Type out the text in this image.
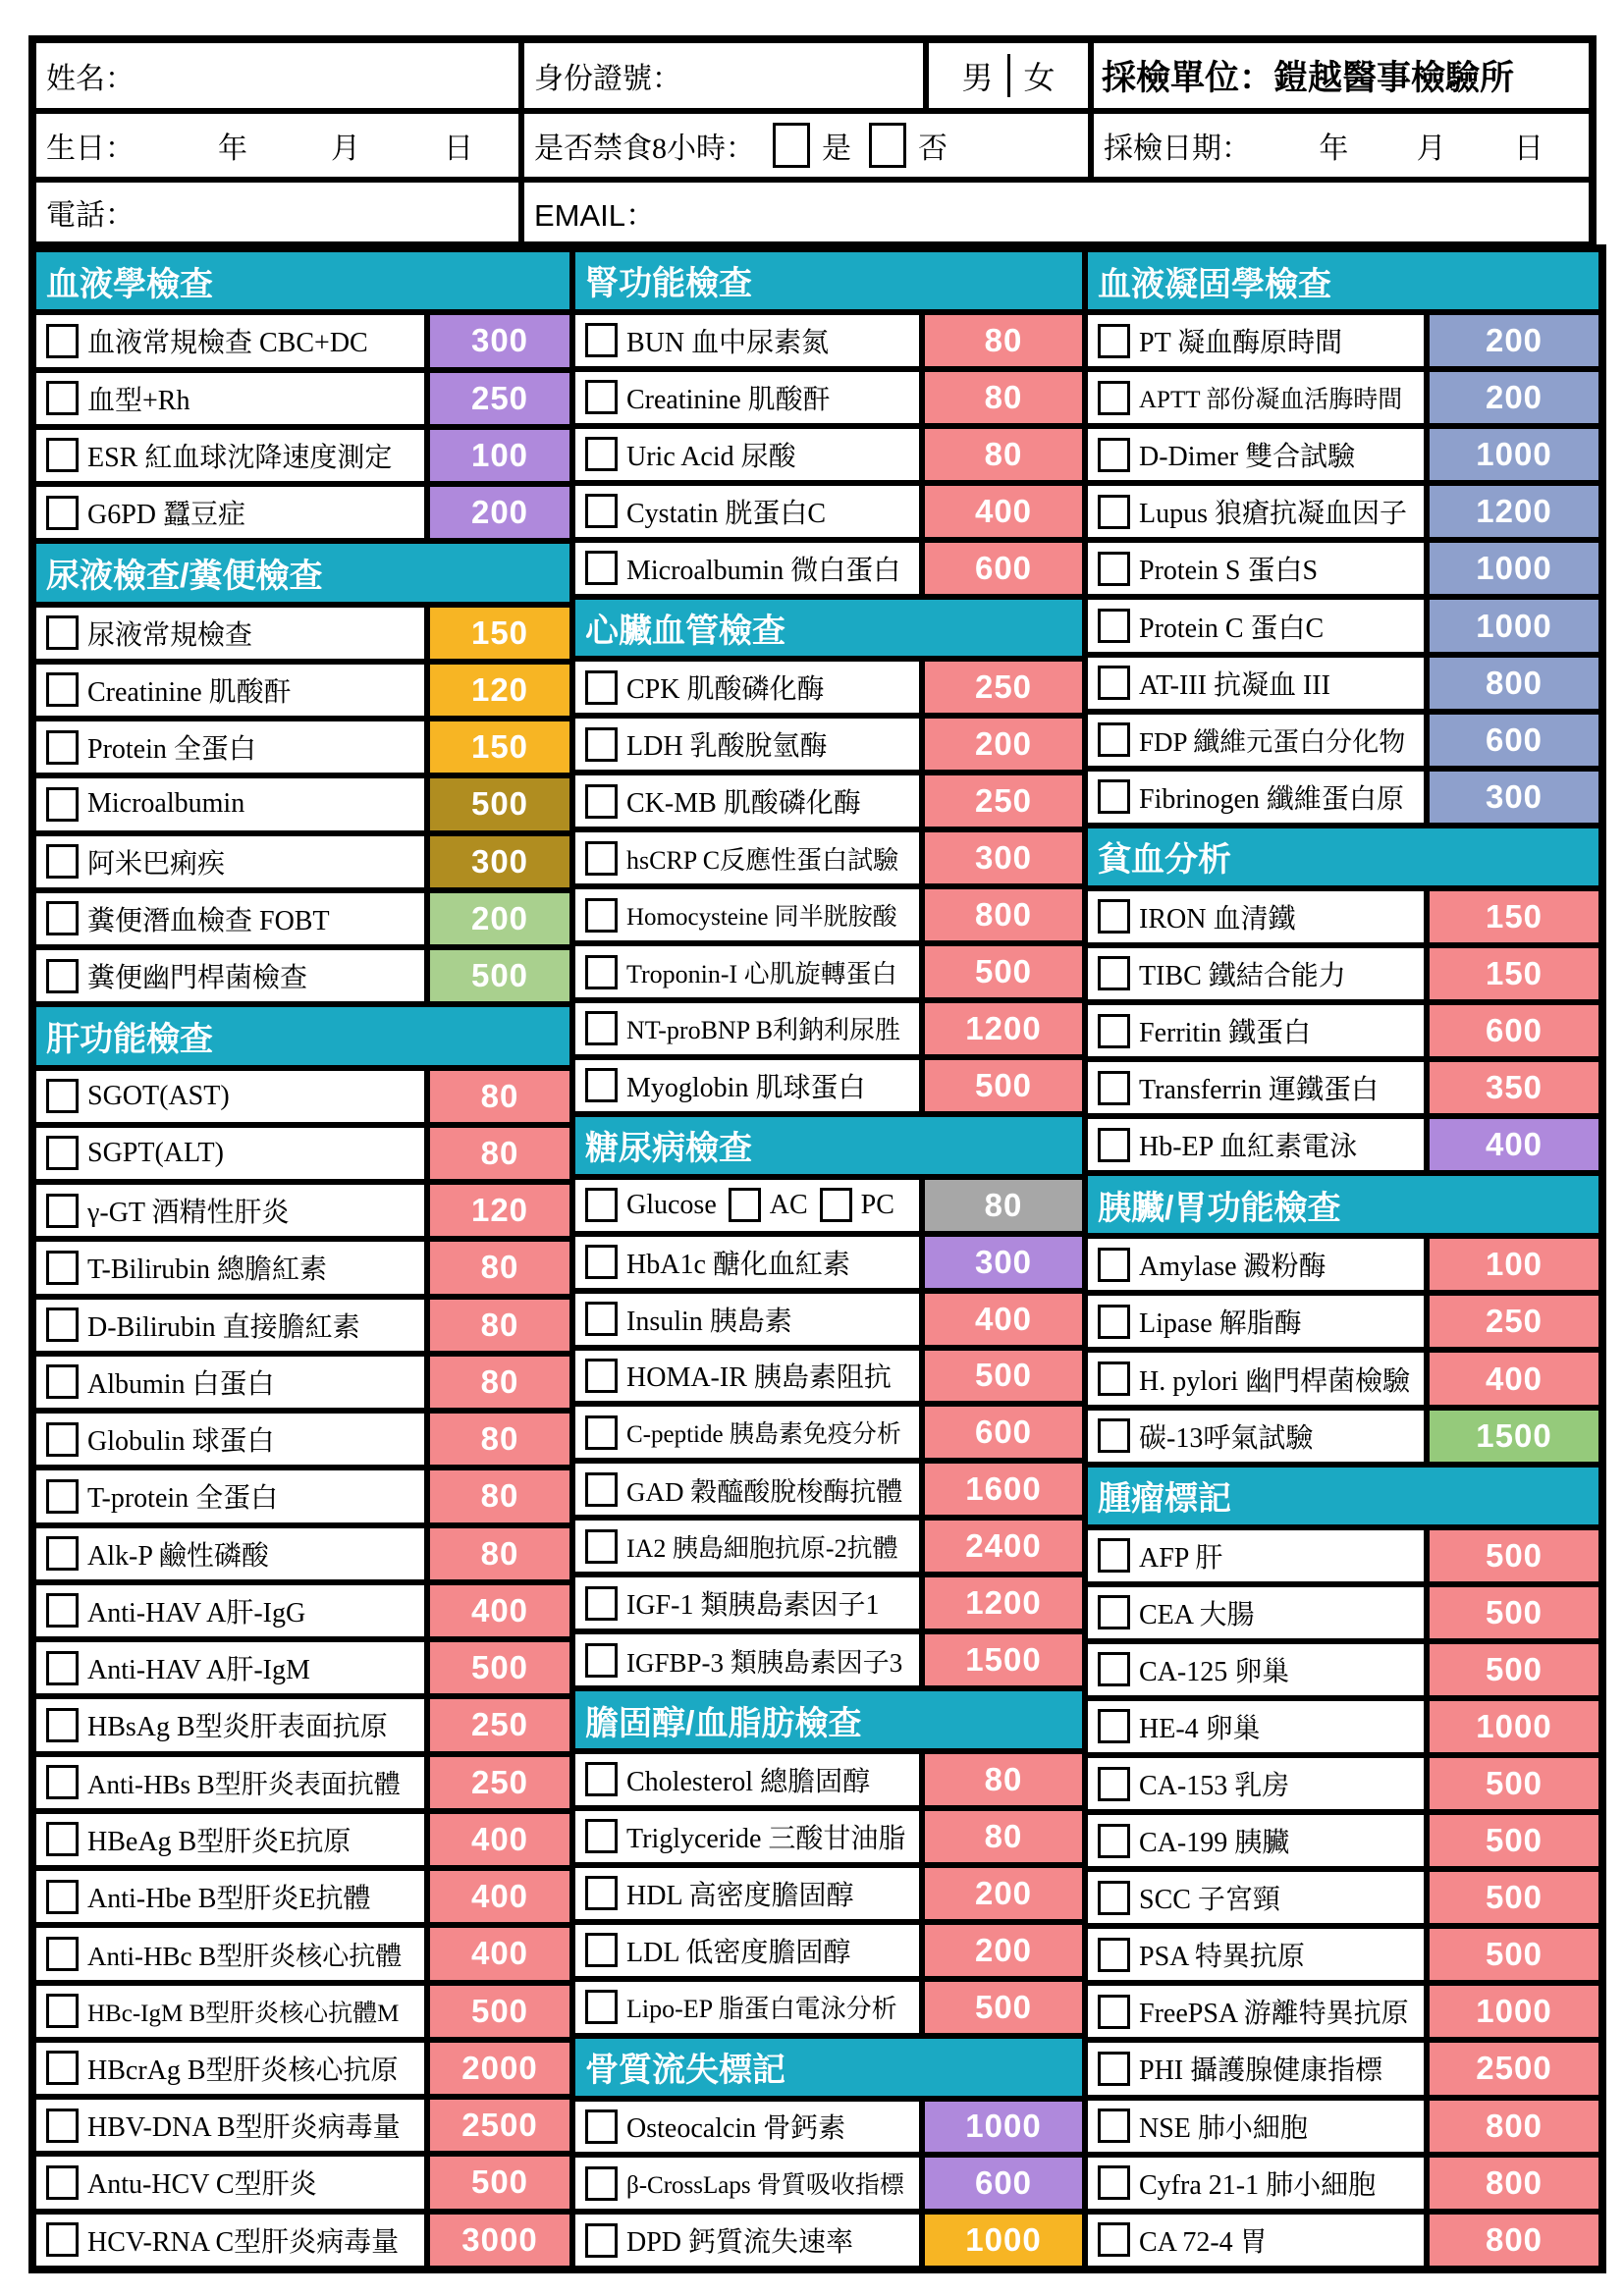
姓名：	身份證號：	男 女 採檢單位：鎧越醫事檢驗所
生日：	年	月	日 是否禁食8小時： 是 否	採檢日期： 年 月 日
電話：	EMAIL：
血液學檢查
血液常規檢查 CBC+DC	300
血型+Rh	250
ESR 紅血球沈降速度測定	100
G6PD 蠶豆症	200
尿液檢查/糞便檢查
尿液常規檢查	150
Creatinine 肌酸酐	120
Protein 全蛋白	150
Microalbumin	500
阿米巴痢疾	300
糞便潛血檢查 FOBT	200
糞便幽門桿菌檢查	500
肝功能檢查
SGOT(AST)	80
SGPT(ALT)	80
γ-GT 酒精性肝炎	120
T-Bilirubin 總膽紅素	80
D-Bilirubin 直接膽紅素	80
Albumin 白蛋白	80
Globulin 球蛋白	80
T-protein 全蛋白	80
Alk-P 鹼性磷酸	80
Anti-HAV A肝-IgG	400
Anti-HAV A肝-IgM	500
HBsAg B型炎肝表面抗原	250
Anti-HBs B型肝炎表面抗體	250
HBeAg B型肝炎E抗原	400
Anti-Hbe B型肝炎E抗體	400
Anti-HBc B型肝炎核心抗體	400
HBc-IgM B型肝炎核心抗體M	500
HBcrAg B型肝炎核心抗原	2000
HBV-DNA B型肝炎病毒量	2500
Antu-HCV C型肝炎	500
HCV-RNA C型肝炎病毒量	3000
腎功能檢查
BUN 血中尿素氮	80
Creatinine 肌酸酐	80
Uric Acid 尿酸	80
Cystatin 胱蛋白C	400
Microalbumin 微白蛋白	600
心臟血管檢查
CPK 肌酸磷化酶	250
LDH 乳酸脫氫酶	200
CK-MB 肌酸磷化酶	250
hsCRP C反應性蛋白試驗	300
Homocysteine 同半胱胺酸	800
Troponin-I 心肌旋轉蛋白	500
NT-proBNP B利鈉利尿胜	1200
Myoglobin 肌球蛋白	500
糖尿病檢查
Glucose AC PC	80
HbA1c 醣化血紅素	300
Insulin 胰島素	400
HOMA-IR 胰島素阻抗	500
C-peptide 胰島素免疫分析	600
GAD 穀醯酸脫梭酶抗體	1600
IA2 胰島細胞抗原-2抗體	2400
IGF-1 類胰島素因子1	1200
IGFBP-3 類胰島素因子3	1500
膽固醇/血脂肪檢查
Cholesterol 總膽固醇	80
Triglyceride 三酸甘油脂	80
HDL 高密度膽固醇	200
LDL 低密度膽固醇	200
Lipo-EP 脂蛋白電泳分析	500
骨質流失標記
Osteocalcin 骨鈣素	1000
β-CrossLaps 骨質吸收指標	600
DPD 鈣質流失速率	1000
血液凝固學檢查
PT 凝血酶原時間	200
APTT 部份凝血活脢時間	200
D-Dimer 雙合試驗	1000
Lupus 狼瘡抗凝血因子	1200
Protein S 蛋白S	1000
Protein C 蛋白C	1000
AT-III 抗凝血 III	800
FDP 纖維元蛋白分化物	600
Fibrinogen 纖維蛋白原	300
貧血分析
IRON 血清鐵	150
TIBC 鐵結合能力	150
Ferritin 鐵蛋白	600
Transferrin 運鐵蛋白	350
Hb-EP 血紅素電泳	400
胰臟/胃功能檢查
Amylase 澱粉酶	100
Lipase 解脂酶	250
H. pylori 幽門桿菌檢驗	400
碳-13呼氣試驗	1500
腫瘤標記
AFP 肝	500
CEA 大腸	500
CA-125 卵巢	500
HE-4 卵巢	1000
CA-153 乳房	500
CA-199 胰臟	500
SCC 子宮頸	500
PSA 特異抗原	500
FreePSA 游離特異抗原	1000
PHI 攝護腺健康指標	2500
NSE 肺小細胞	800
Cyfra 21-1 肺小細胞	800
CA 72-4 胃	800
